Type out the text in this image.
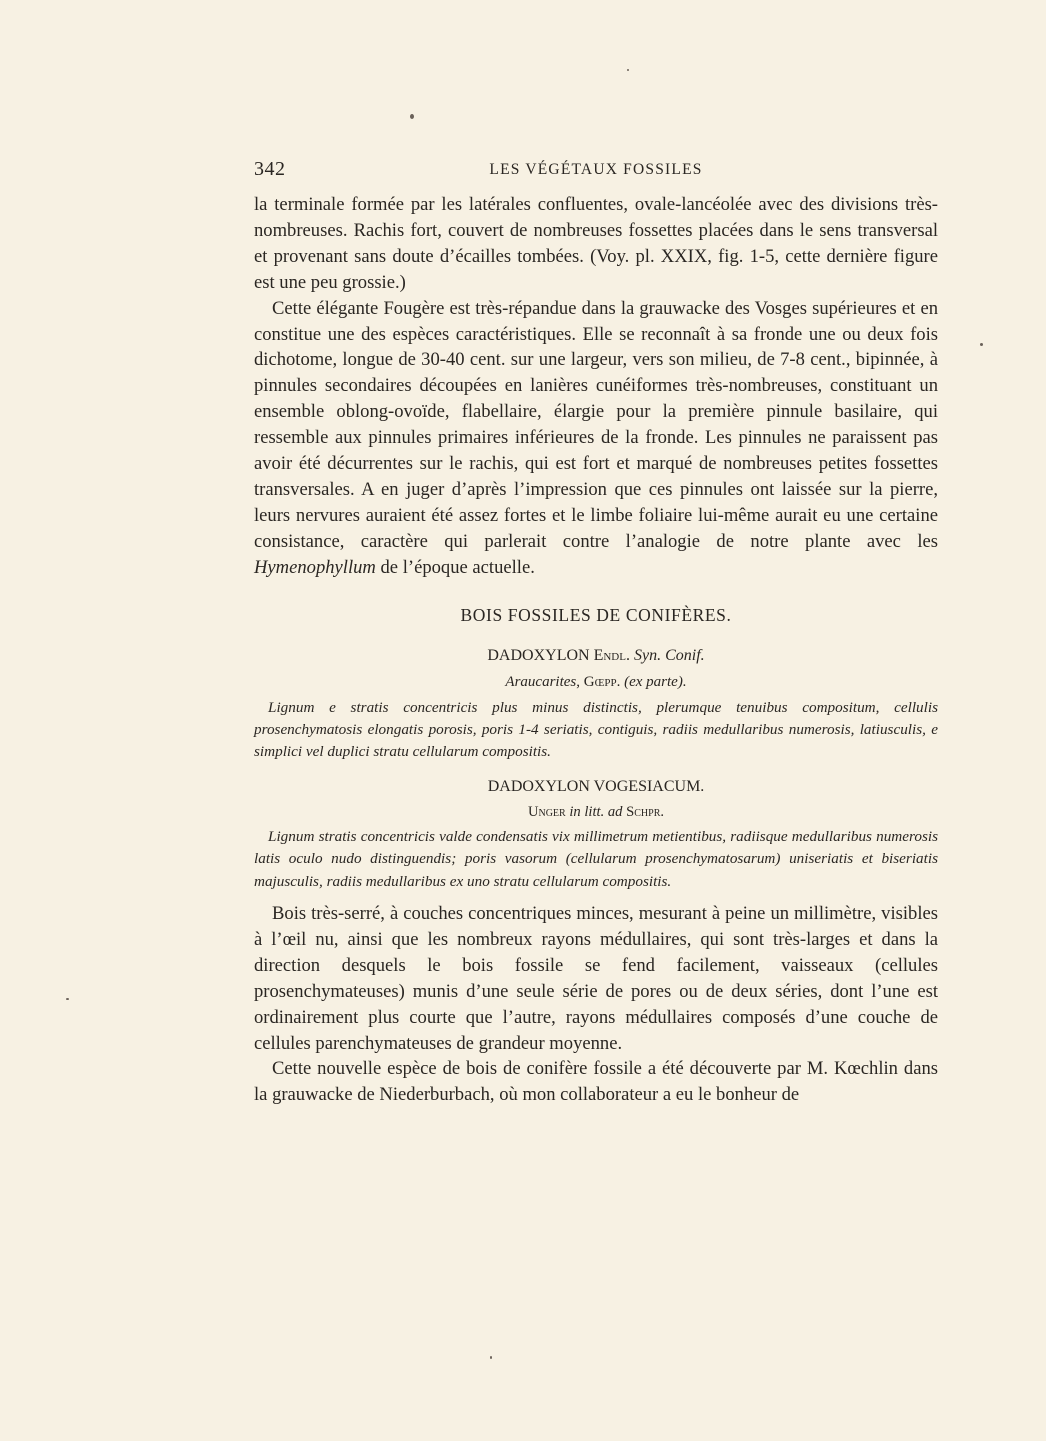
342	LES VÉGÉTAUX FOSSILES

la terminale formée par les latérales confluentes, ovale-lancéolée avec des divisions très-nombreuses. Rachis fort, couvert de nombreuses fossettes placées dans le sens transversal et provenant sans doute d’écailles tombées. (Voy. pl. XXIX, fig. 1-5, cette dernière figure est une peu grossie.)

Cette élégante Fougère est très-répandue dans la grauwacke des Vosges supérieures et en constitue une des espèces caractéristiques. Elle se reconnaît à sa fronde une ou deux fois dichotome, longue de 30-40 cent. sur une largeur, vers son milieu, de 7-8 cent., bipinnée, à pinnules secondaires découpées en lanières cunéiformes très-nombreuses, constituant un ensemble oblong-ovoïde, flabellaire, élargie pour la première pinnule basilaire, qui ressemble aux pinnules primaires inférieures de la fronde. Les pinnules ne paraissent pas avoir été décurrentes sur le rachis, qui est fort et marqué de nombreuses petites fossettes transversales. A en juger d’après l’impression que ces pinnules ont laissée sur la pierre, leurs nervures auraient été assez fortes et le limbe foliaire lui-même aurait eu une certaine consistance, caractère qui parlerait contre l’analogie de notre plante avec les Hymenophyllum de l’époque actuelle.

BOIS FOSSILES DE CONIFÈRES.
DADOXYLON Endl. Syn. Conif.
Araucarites, Gœpp. (ex parte).

Lignum e stratis concentricis plus minus distinctis, plerumque tenuibus compositum, cellulis prosenchymatosis elongatis porosis, poris 1-4 seriatis, contiguis, radiis medullaribus numerosis, latiusculis, e simplici vel duplici stratu cellularum compositis.

DADOXYLON VOGESIACUM.
Unger in litt. ad Schpr.

Lignum stratis concentricis valde condensatis vix millimetrum metientibus, radiisque medullaribus numerosis latis oculo nudo distinguendis; poris vasorum (cellularum prosenchymatosarum) uniseriatis et biseriatis majusculis, radiis medullaribus ex uno stratu cellularum compositis.

Bois très-serré, à couches concentriques minces, mesurant à peine un millimètre, visibles à l’œil nu, ainsi que les nombreux rayons médullaires, qui sont très-larges et dans la direction desquels le bois fossile se fend facilement, vaisseaux (cellules prosenchymateuses) munis d’une seule série de pores ou de deux séries, dont l’une est ordinairement plus courte que l’autre, rayons médullaires composés d’une couche de cellules parenchymateuses de grandeur moyenne.

Cette nouvelle espèce de bois de conifère fossile a été découverte par M. Kœchlin dans la grauwacke de Niederburbach, où mon collaborateur a eu le bonheur de
